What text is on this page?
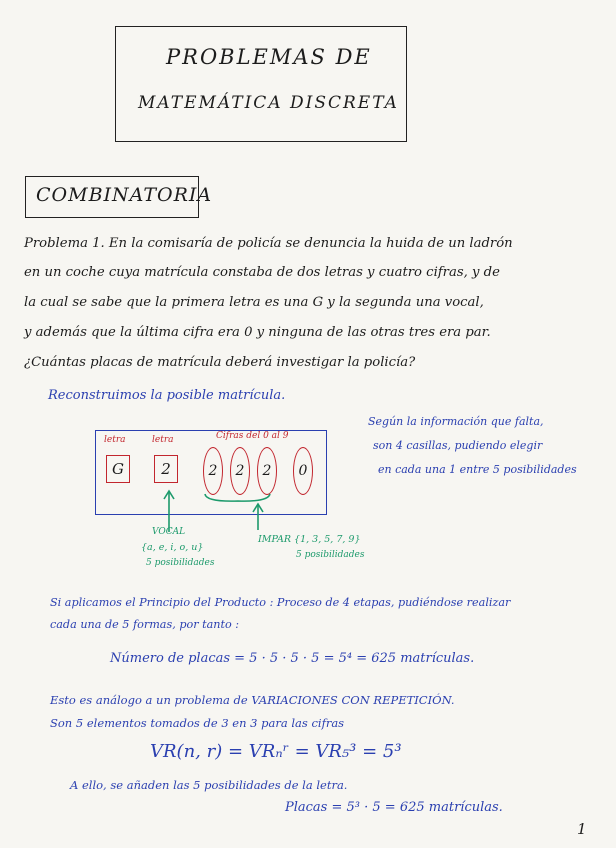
PROBLEMAS DE
MATEMÁTICA DISCRETA
COMBINATORIA
Problema 1. En la comisaría de policía se denuncia la huida de un ladrón
en un coche cuya matrícula constaba de dos letras y cuatro cifras, y de
la cual se sabe que la primera letra es una G y la segunda una vocal,
y además que la última cifra era 0 y ninguna de las otras tres era par.
¿Cuántas placas de matrícula deberá investigar la policía?
Reconstruimos la posible matrícula.
Según la información que falta,
son 4 casillas, pudiendo elegir
en cada una 1 entre 5 posibilidades
letra	letra	Cifras del 0 al 9
G	2	2	2	2	0
VOCAL
{a, e, i, o, u}
5 posibilidades
IMPAR {1, 3, 5, 7, 9}
5 posibilidades
Si aplicamos el Principio del Producto : Proceso de 4 etapas, pudiéndose realizar
cada una de 5 formas, por tanto :
Número de placas = 5 · 5 · 5 · 5 = 5⁴ = 625 matrículas.
Esto es análogo a un problema de VARIACIONES CON REPETICIÓN.
Son 5 elementos tomados de 3 en 3 para las cifras
VR(n, r) = VRₙʳ = VR₅³ = 5³
A ello, se añaden las 5 posibilidades de la letra.
Placas = 5³ · 5 = 625 matrículas.
1
